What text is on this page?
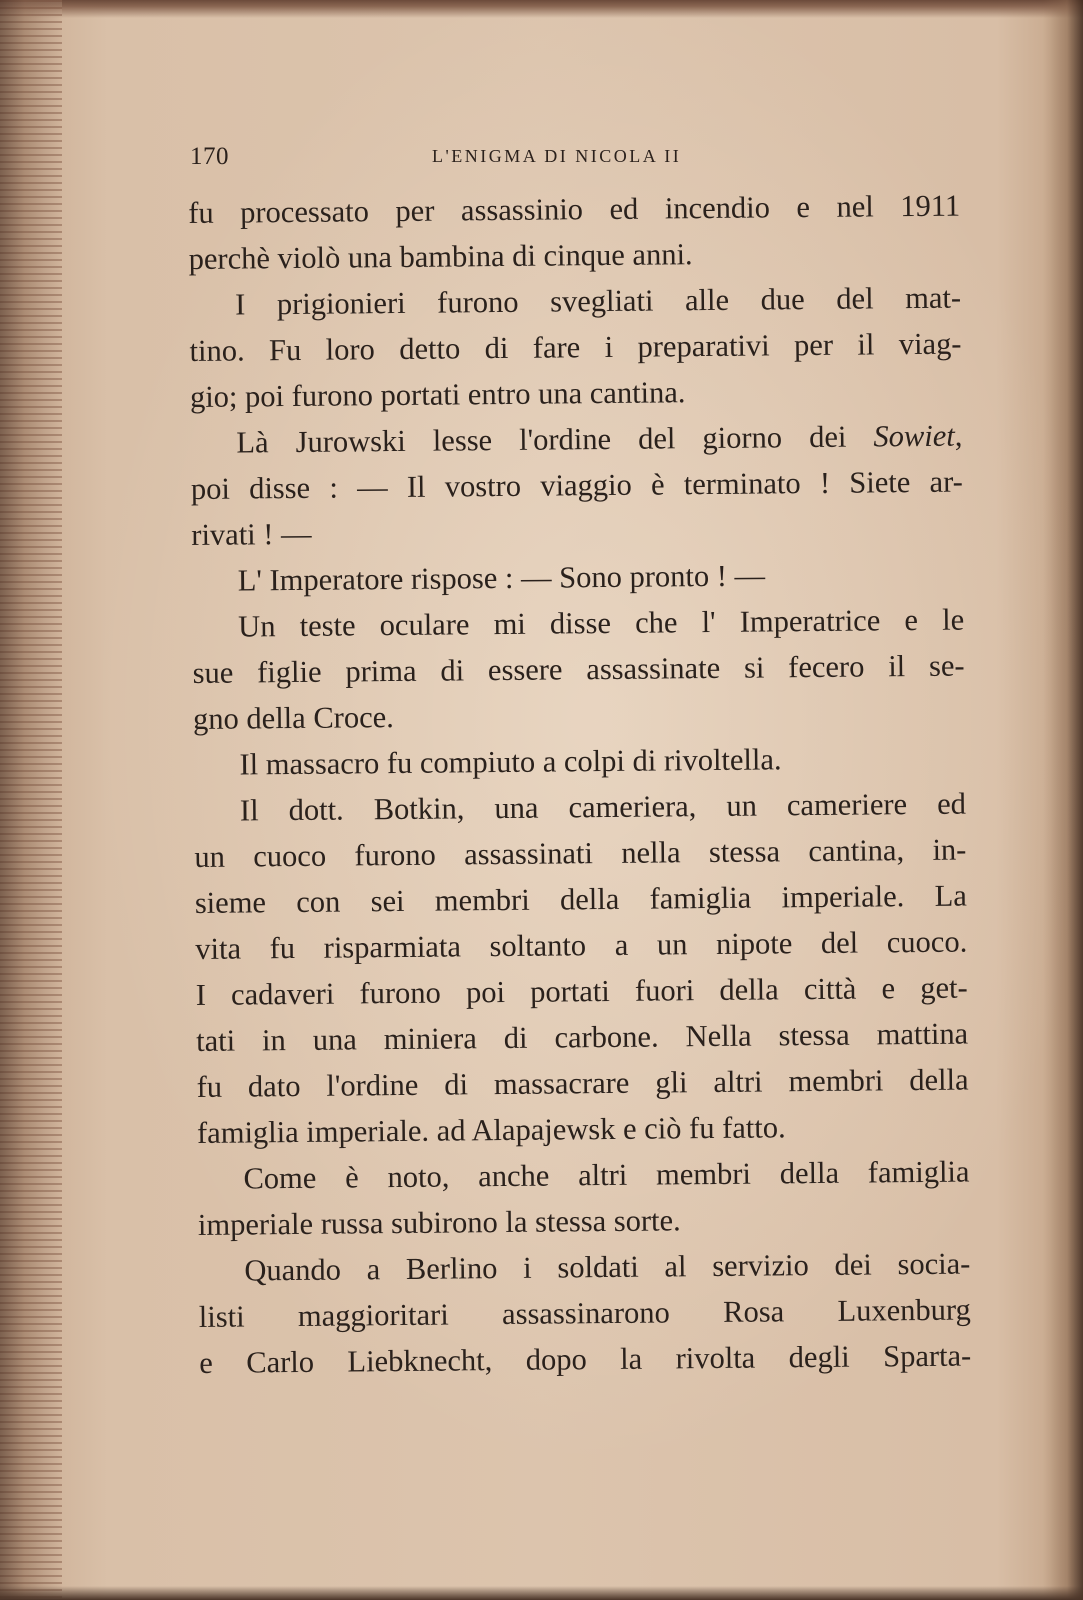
170	L'ENIGMA DI NICOLA II
fu processato per assassinio ed incendio e nel 1911
perchè violò una bambina di cinque anni.
I prigionieri furono svegliati alle due del mat-
tino. Fu loro detto di fare i preparativi per il viag-
gio; poi furono portati entro una cantina.
Là Jurowski lesse l'ordine del giorno dei Sowiet,
poi disse : — Il vostro viaggio è terminato ! Siete ar-
rivati ! —
L' Imperatore rispose : — Sono pronto ! —
Un teste oculare mi disse che l' Imperatrice e le
sue figlie prima di essere assassinate si fecero il se-
gno della Croce.
Il massacro fu compiuto a colpi di rivoltella.
Il dott. Botkin, una cameriera, un cameriere ed
un cuoco furono assassinati nella stessa cantina, in-
sieme con sei membri della famiglia imperiale. La
vita fu risparmiata soltanto a un nipote del cuoco.
I cadaveri furono poi portati fuori della città e get-
tati in una miniera di carbone. Nella stessa mattina
fu dato l'ordine di massacrare gli altri membri della
famiglia imperiale. ad Alapajewsk e ciò fu fatto.
Come è noto, anche altri membri della famiglia
imperiale russa subirono la stessa sorte.
Quando a Berlino i soldati al servizio dei socia-
listi maggioritari assassinarono Rosa Luxenburg
e Carlo Liebknecht, dopo la rivolta degli Sparta-
